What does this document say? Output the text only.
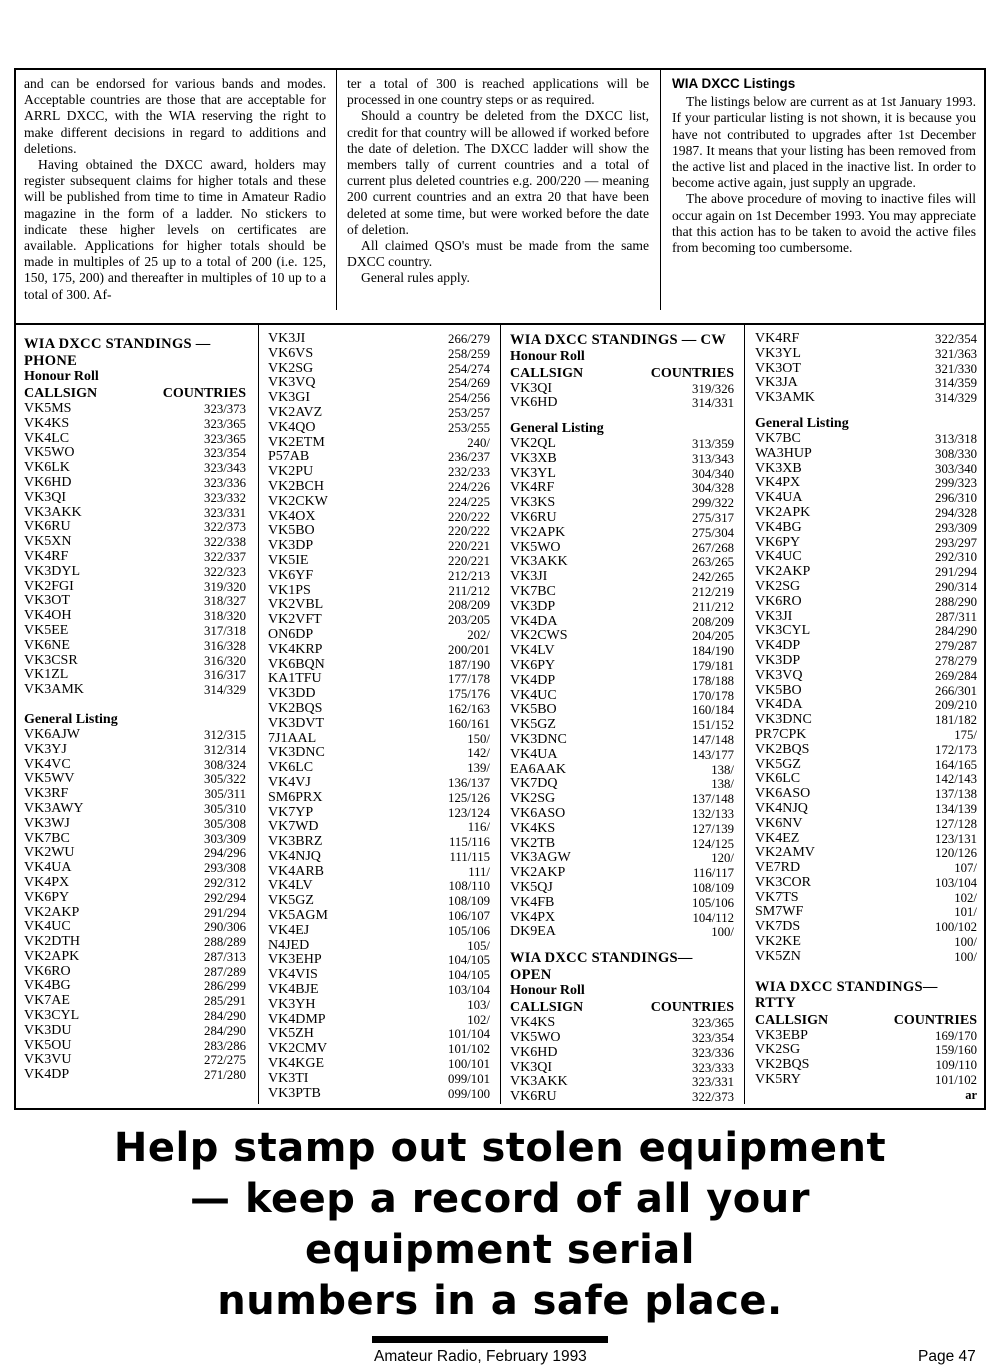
and can be endorsed for various bands and modes. Acceptable countries are those that are acceptable for ARRL DXCC, with the WIA reserving the right to make different decisions in regard to additions and deletions.

Having obtained the DXCC award, holders may register subsequent claims for higher totals and these will be published from time to time in Amateur Radio magazine in the form of a ladder. No stickers to indicate these higher levels on certificates are available. Applications for higher totals should be made in multiples of 25 up to a total of 200 (i.e. 125, 150, 175, 200) and thereafter in multiples of 10 up to a total of 300. Af-

ter a total of 300 is reached applications will be processed in one country steps or as required.

Should a country be deleted from the DXCC list, credit for that country will be allowed if worked before the date of deletion. The DXCC ladder will show the members tally of current countries and a total of current plus deleted countries e.g. 200/220 — meaning 200 current countries and an extra 20 that have been deleted at some time, but were worked before the date of deletion.

All claimed QSO's must be made from the same DXCC country.

General rules apply.

WIA DXCC Listings

The listings below are current as at 1st January 1993. If your particular listing is not shown, it is because you have not contributed to upgrades after 1st December 1987. It means that your listing has been removed from the active list and placed in the inactive list. In order to become active again, just supply an upgrade.

The above procedure of moving to inactive files will occur again on 1st December 1993. You may appreciate that this action has to be taken to avoid the active files from becoming too cumbersome.

WIA DXCC STANDINGS — PHONE
Honour Roll
CALLSIGN	COUNTRIES
VK5MS	323/373
VK4KS	323/365
VK4LC	323/365
VK5WO	323/354
VK6LK	323/343
VK6HD	323/336
VK3QI	323/332
VK3AKK	323/331
VK6RU	322/373
VK5XN	322/338
VK4RF	322/337
VK3DYL	322/323
VK2FGI	319/320
VK3OT	318/327
VK4OH	318/320
VK5EE	317/318
VK6NE	316/328
VK3CSR	316/320
VK1ZL	316/317
VK3AMK	314/329
General Listing
VK6AJW	312/315
VK3YJ	312/314
VK4VC	308/324
VK5WV	305/322
VK3RF	305/311
VK3AWY	305/310
VK3WJ	305/308
VK7BC	303/309
VK2WU	294/296
VK4UA	293/308
VK4PX	292/312
VK6PY	292/294
VK2AKP	291/294
VK4UC	290/306
VK2DTH	288/289
VK2APK	287/313
VK6RO	287/289
VK4BG	286/299
VK7AE	285/291
VK3CYL	284/290
VK3DU	284/290
VK5OU	283/286
VK3VU	272/275
VK4DP	271/280
VK3JI	266/279
VK6VS	258/259
VK2SG	254/274
VK3VQ	254/269
VK3GI	254/256
VK2AVZ	253/257
VK4QO	253/255
VK2ETM	240/
P57AB	236/237
VK2PU	232/233
VK2BCH	224/226
VK2CKW	224/225
VK4OX	220/222
VK5BO	220/222
VK3DP	220/221
VK5IE	220/221
VK6YF	212/213
VK1PS	211/212
VK2VBL	208/209
VK2VFT	203/205
ON6DP	202/
VK4KRP	200/201
VK6BQN	187/190
KA1TFU	177/178
VK3DD	175/176
VK2BQS	162/163
VK3DVT	160/161
7J1AAL	150/
VK3DNC	142/
VK6LC	139/
VK4VJ	136/137
SM6PRX	125/126
VK7YP	123/124
VK7WD	116/
VK3BRZ	115/116
VK4NJQ	111/115
VK4ARB	111/
VK4LV	108/110
VK5GZ	108/109
VK5AGM	106/107
VK4EJ	105/106
N4JED	105/
VK3EHP	104/105
VK4VIS	104/105
VK4BJE	103/104
VK3YH	103/
VK4DMP	102/
VK5ZH	101/104
VK2CMV	101/102
VK4KGE	100/101
VK3TI	099/101
VK3PTB	099/100
WIA DXCC STANDINGS — CW
Honour Roll
CALLSIGN	COUNTRIES
VK3QI	319/326
VK6HD	314/331
General Listing
VK2QL	313/359
VK3XB	313/343
VK3YL	304/340
VK4RF	304/328
VK3KS	299/322
VK6RU	275/317
VK2APK	275/304
VK5WO	267/268
VK3AKK	263/265
VK3JI	242/265
VK7BC	212/219
VK3DP	211/212
VK4DA	208/209
VK2CWS	204/205
VK4LV	184/190
VK6PY	179/181
VK4DP	178/188
VK4UC	170/178
VK5BO	160/184
VK5GZ	151/152
VK3DNC	147/148
VK4UA	143/177
EA6AAK	138/
VK7DQ	138/
VK2SG	137/148
VK6ASO	132/133
VK4KS	127/139
VK2TB	124/125
VK3AGW	120/
VK2AKP	116/117
VK5QJ	108/109
VK4FB	105/106
VK4PX	104/112
DK9EA	100/
WIA DXCC STANDINGS—OPEN
Honour Roll
CALLSIGN	COUNTRIES
VK4KS	323/365
VK5WO	323/354
VK6HD	323/336
VK3QI	323/333
VK3AKK	323/331
VK6RU	322/373
VK4RF	322/354
VK3YL	321/363
VK3OT	321/330
VK3JA	314/359
VK3AMK	314/329
General Listing
VK7BC	313/318
WA3HUP	308/330
VK3XB	303/340
VK4PX	299/323
VK4UA	296/310
VK2APK	294/328
VK4BG	293/309
VK6PY	293/297
VK4UC	292/310
VK2AKP	291/294
VK2SG	290/314
VK6RO	288/290
VK3JI	287/311
VK3CYL	284/290
VK4DP	279/287
VK3DP	278/279
VK3VQ	269/284
VK5BO	266/301
VK4DA	209/210
VK3DNC	181/182
PR7CPK	175/
VK2BQS	172/173
VK5GZ	164/165
VK6LC	142/143
VK6ASO	137/138
VK4NJQ	134/139
VK6NV	127/128
VK4EZ	123/131
VK2AMV	120/126
VE7RD	107/
VK3COR	103/104
VK7TS	102/
SM7WF	101/
VK7DS	100/102
VK2KE	100/
VK5ZN	100/
WIA DXCC STANDINGS—RTTY
CALLSIGN	COUNTRIES
VK3EBP	169/170
VK2SG	159/160
VK2BQS	109/110
VK5RY	101/102
ar
Help stamp out stolen equipment
— keep a record of all your
equipment serial
numbers in a safe place.
Amateur Radio, February 1993	Page 47
